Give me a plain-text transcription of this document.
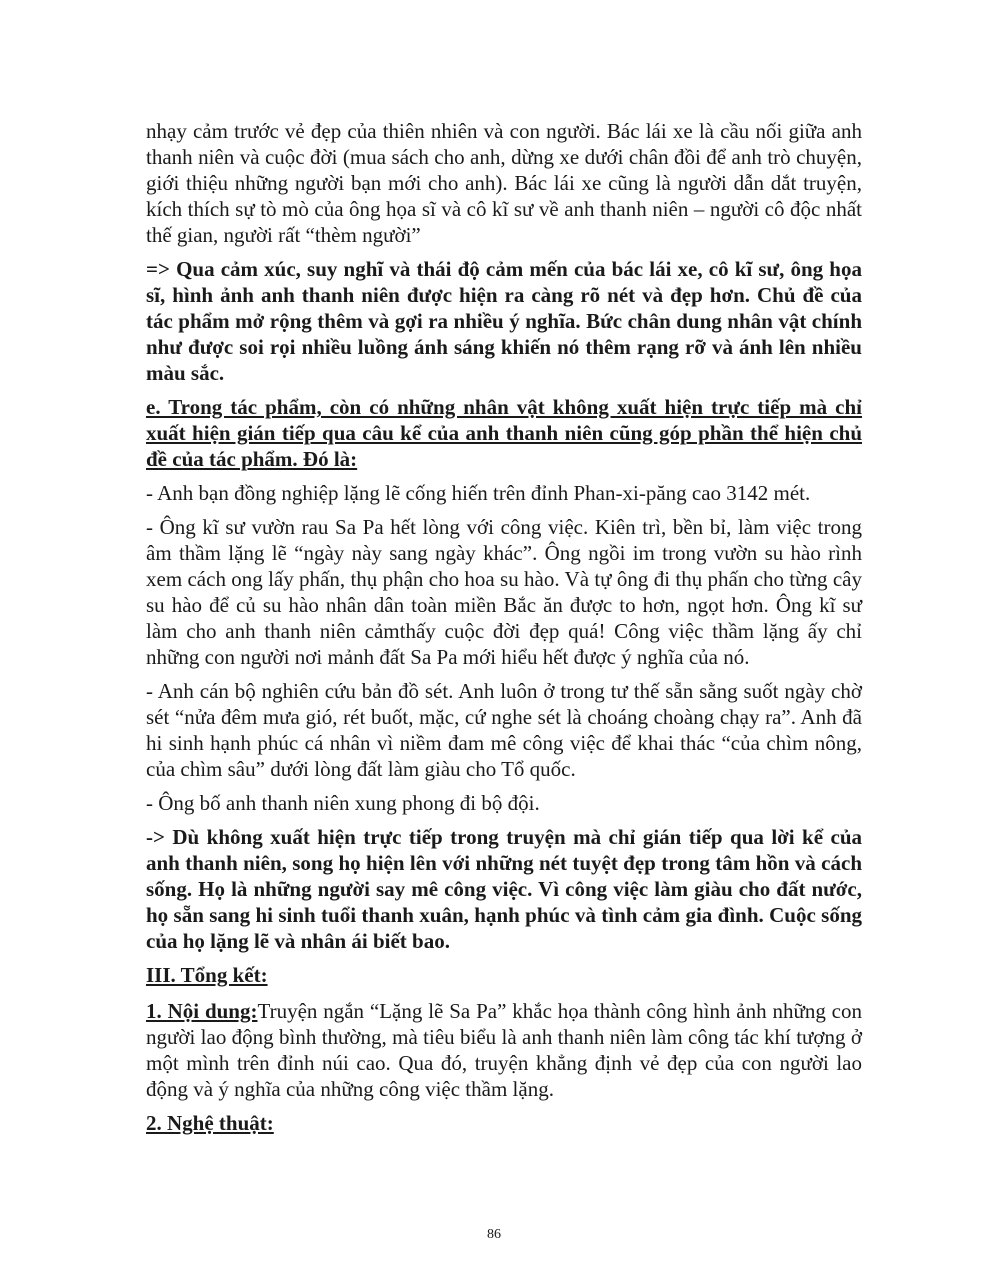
nhạy cảm trước vẻ đẹp của thiên nhiên và con người. Bác lái xe là cầu nối giữa anh thanh niên và cuộc đời (mua sách cho anh, dừng xe dưới chân đồi để anh trò chuyện, giới thiệu những người bạn mới cho anh). Bác lái xe cũng là người dẫn dắt truyện, kích thích sự tò mò của ông họa sĩ và cô kĩ sư về anh thanh niên – người cô độc nhất thế gian, người rất “thèm người”

=> Qua cảm xúc, suy nghĩ và thái độ cảm mến của bác lái xe, cô kĩ sư, ông họa sĩ, hình ảnh anh thanh niên được hiện ra càng rõ nét và đẹp hơn. Chủ đề của tác phẩm mở rộng thêm và gợi ra nhiều ý nghĩa. Bức chân dung nhân vật chính như được soi rọi nhiều luồng ánh sáng khiến nó thêm rạng rỡ và ánh lên nhiều màu sắc.

e. Trong tác phẩm, còn có những nhân vật không xuất hiện trực tiếp mà chỉ xuất hiện gián tiếp qua câu kể của anh thanh niên cũng góp phần thể hiện chủ đề của tác phẩm. Đó là:

- Anh bạn đồng nghiệp lặng lẽ cống hiến trên đỉnh Phan-xi-păng cao 3142 mét.

- Ông kĩ sư vườn rau Sa Pa hết lòng với công việc. Kiên trì, bền bỉ, làm việc trong âm thầm lặng lẽ “ngày này sang ngày khác”. Ông ngồi im trong vườn su hào rình xem cách ong lấy phấn, thụ phận cho hoa su hào. Và tự ông đi thụ phấn cho từng cây su hào để củ su hào nhân dân toàn miền Bắc ăn được to hơn, ngọt hơn. Ông kĩ sư làm cho anh thanh niên cảmthấy cuộc đời đẹp quá! Công việc thầm lặng ấy chỉ những con người nơi mảnh đất Sa Pa mới hiểu hết được ý nghĩa của nó.

- Anh cán bộ nghiên cứu bản đồ sét. Anh luôn ở trong tư thế sẵn sằng suốt ngày chờ sét “nửa đêm mưa gió, rét buốt, mặc, cứ nghe sét là choáng choàng chạy ra”. Anh đã hi sinh hạnh phúc cá nhân vì niềm đam mê công việc để khai thác “của chìm nông, của chìm sâu” dưới lòng đất làm giàu cho Tổ quốc.

- Ông bố anh thanh niên xung phong đi bộ đội.

-> Dù không xuất hiện trực tiếp trong truyện mà chỉ gián tiếp qua lời kể của anh thanh niên, song họ hiện lên với những nét tuyệt đẹp trong tâm hồn và cách sống. Họ là những người say mê công việc. Vì công việc làm giàu cho đất nước, họ sẵn sang hi sinh tuổi thanh xuân, hạnh phúc và tình cảm gia đình. Cuộc sống của họ lặng lẽ và nhân ái biết bao.

III. Tổng kết:

1. Nội dung:Truyện ngắn “Lặng lẽ Sa Pa” khắc họa thành công hình ảnh những con người lao động bình thường, mà tiêu biểu là anh thanh niên làm công tác khí tượng ở một mình trên đỉnh núi cao. Qua đó, truyện khẳng định vẻ đẹp của con người lao động và ý nghĩa của những công việc thầm lặng.

2. Nghệ thuật:

86
